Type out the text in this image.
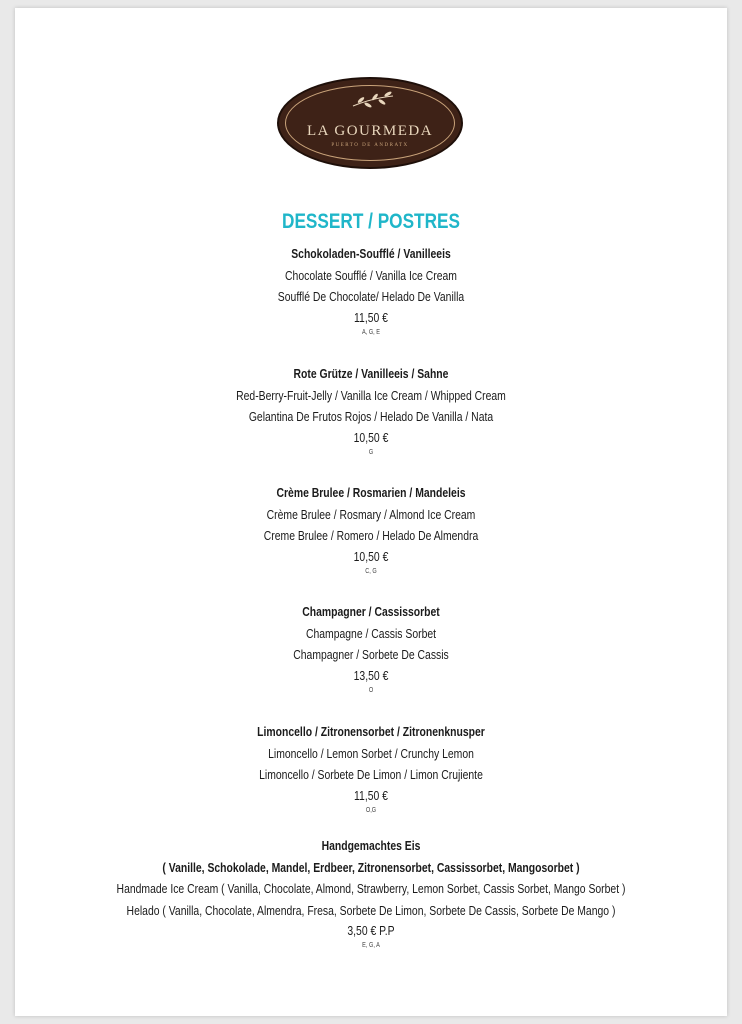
LA GOURMEDA
PUERTO DE ANDRATX
DESSERT / POSTRES
Schokoladen-Soufflé / Vanilleeis
Chocolate Soufflé / Vanilla Ice Cream
Soufflé De Chocolate/ Helado De Vanilla
11,50 €
A, G, E
Rote Grütze / Vanilleeis / Sahne
Red-Berry-Fruit-Jelly / Vanilla Ice Cream / Whipped Cream
Gelantina De Frutos Rojos / Helado De Vanilla / Nata
10,50 €
G
Crème Brulee / Rosmarien / Mandeleis
Crème Brulee / Rosmary / Almond Ice Cream
Creme Brulee / Romero / Helado De Almendra
10,50 €
C, G
Champagner / Cassissorbet
Champagne / Cassis Sorbet
Champagner / Sorbete De Cassis
13,50 €
O
Limoncello / Zitronensorbet / Zitronenknusper
Limoncello / Lemon Sorbet / Crunchy Lemon
Limoncello / Sorbete De Limon / Limon Crujiente
11,50 €
O,G
Handgemachtes Eis
( Vanille, Schokolade, Mandel, Erdbeer, Zitronensorbet, Cassissorbet, Mangosorbet )
Handmade Ice Cream ( Vanilla, Chocolate, Almond, Strawberry, Lemon Sorbet, Cassis Sorbet, Mango Sorbet )
Helado ( Vanilla, Chocolate, Almendra, Fresa, Sorbete De Limon, Sorbete De Cassis, Sorbete De Mango )
3,50 € P.P
E, G, A
